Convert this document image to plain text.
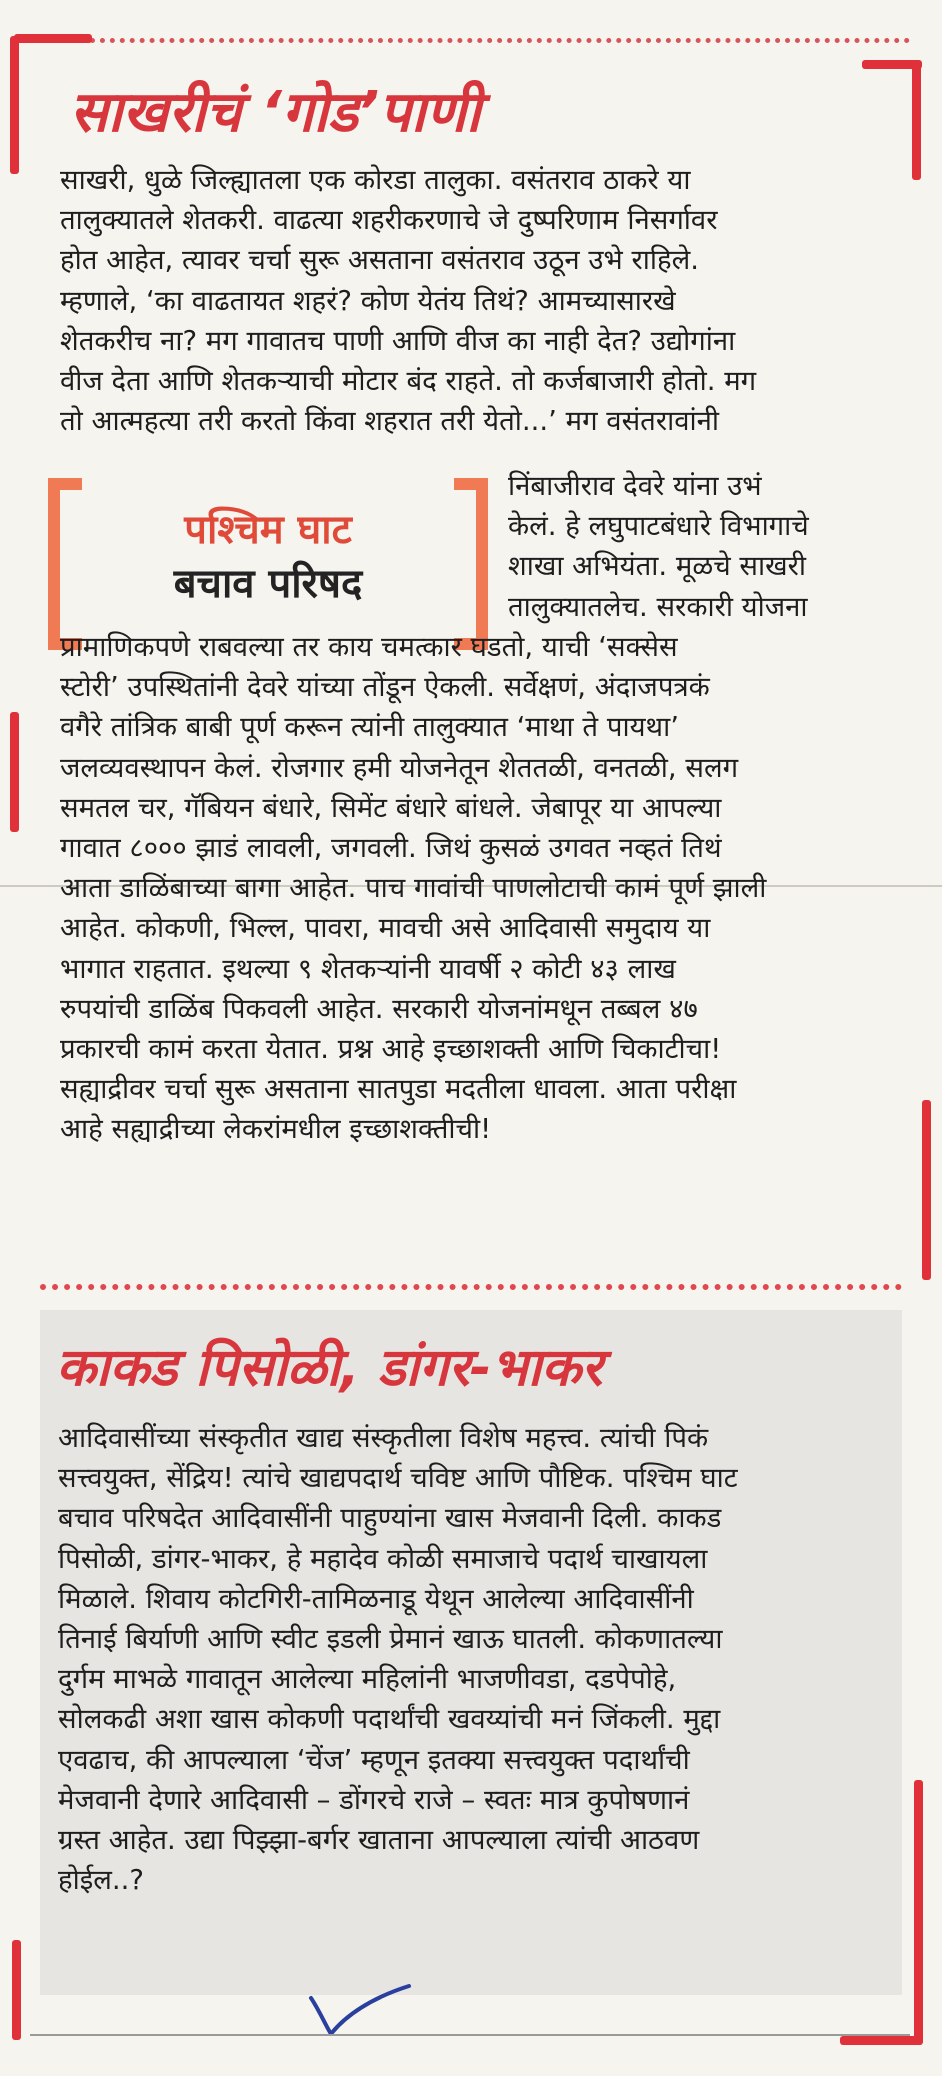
साखरीचं ‘गोड’पाणी
साखरी, धुळे जिल्ह्यातला एक कोरडा तालुका. वसंतराव ठाकरे या
तालुक्यातले शेतकरी. वाढत्या शहरीकरणाचे जे दुष्परिणाम निसर्गावर
होत आहेत, त्यावर चर्चा सुरू असताना वसंतराव उठून उभे राहिले.
म्हणाले, ‘का वाढतायत शहरं? कोण येतंय तिथं? आमच्यासारखे
शेतकरीच ना? मग गावातच पाणी आणि वीज का नाही देत? उद्योगांना
वीज देता आणि शेतकऱ्याची मोटार बंद राहते. तो कर्जबाजारी होतो. मग
तो आत्महत्या तरी करतो किंवा शहरात तरी येतो...’ मग वसंतरावांनी
पश्चिम घाट
बचाव परिषद
निंबाजीराव देवरे यांना उभं
केलं. हे लघुपाटबंधारे विभागाचे
शाखा अभियंता. मूळचे साखरी
तालुक्यातलेच. सरकारी योजना
प्रामाणिकपणे राबवल्या तर काय चमत्कार घडतो, याची ‘सक्सेस
स्टोरी’ उपस्थितांनी देवरे यांच्या तोंडून ऐकली. सर्वेक्षणं, अंदाजपत्रकं
वगैरे तांत्रिक बाबी पूर्ण करून त्यांनी तालुक्यात ‘माथा ते पायथा’
जलव्यवस्थापन केलं. रोजगार हमी योजनेतून शेततळी, वनतळी, सलग
समतल चर, गॅबियन बंधारे, सिमेंट बंधारे बांधले. जेबापूर या आपल्या
गावात ८००० झाडं लावली, जगवली. जिथं कुसळं उगवत नव्हतं तिथं
आता डाळिंबाच्या बागा आहेत. पाच गावांची पाणलोटाची कामं पूर्ण झाली
आहेत. कोकणी, भिल्ल, पावरा, मावची असे आदिवासी समुदाय या
भागात राहतात. इथल्या ९ शेतकऱ्यांनी यावर्षी २ कोटी ४३ लाख
रुपयांची डाळिंब पिकवली आहेत. सरकारी योजनांमधून तब्बल ४७
प्रकारची कामं करता येतात. प्रश्न आहे इच्छाशक्ती आणि चिकाटीचा!
सह्याद्रीवर चर्चा सुरू असताना सातपुडा मदतीला धावला. आता परीक्षा
आहे सह्याद्रीच्या लेकरांमधील इच्छाशक्तीची!
काकड पिसोळी, डांगर-भाकर
आदिवासींच्या संस्कृतीत खाद्य संस्कृतीला विशेष महत्त्व. त्यांची पिकं
सत्त्वयुक्त, सेंद्रिय! त्यांचे खाद्यपदार्थ चविष्ट आणि पौष्टिक. पश्चिम घाट
बचाव परिषदेत आदिवासींनी पाहुण्यांना खास मेजवानी दिली. काकड
पिसोळी, डांगर-भाकर, हे महादेव कोळी समाजाचे पदार्थ चाखायला
मिळाले. शिवाय कोटगिरी-तामिळनाडू येथून आलेल्या आदिवासींनी
तिनाई बिर्याणी आणि स्वीट इडली प्रेमानं खाऊ घातली. कोकणातल्या
दुर्गम माभळे गावातून आलेल्या महिलांनी भाजणीवडा, दडपेपोहे,
सोलकढी अशा खास कोकणी पदार्थांची खवय्यांची मनं जिंकली. मुद्दा
एवढाच, की आपल्याला ‘चेंज’ म्हणून इतक्या सत्त्वयुक्त पदार्थांची
मेजवानी देणारे आदिवासी – डोंगरचे राजे – स्वतः मात्र कुपोषणानं
ग्रस्त आहेत. उद्या पिझ्झा-बर्गर खाताना आपल्याला त्यांची आठवण
होईल..?
